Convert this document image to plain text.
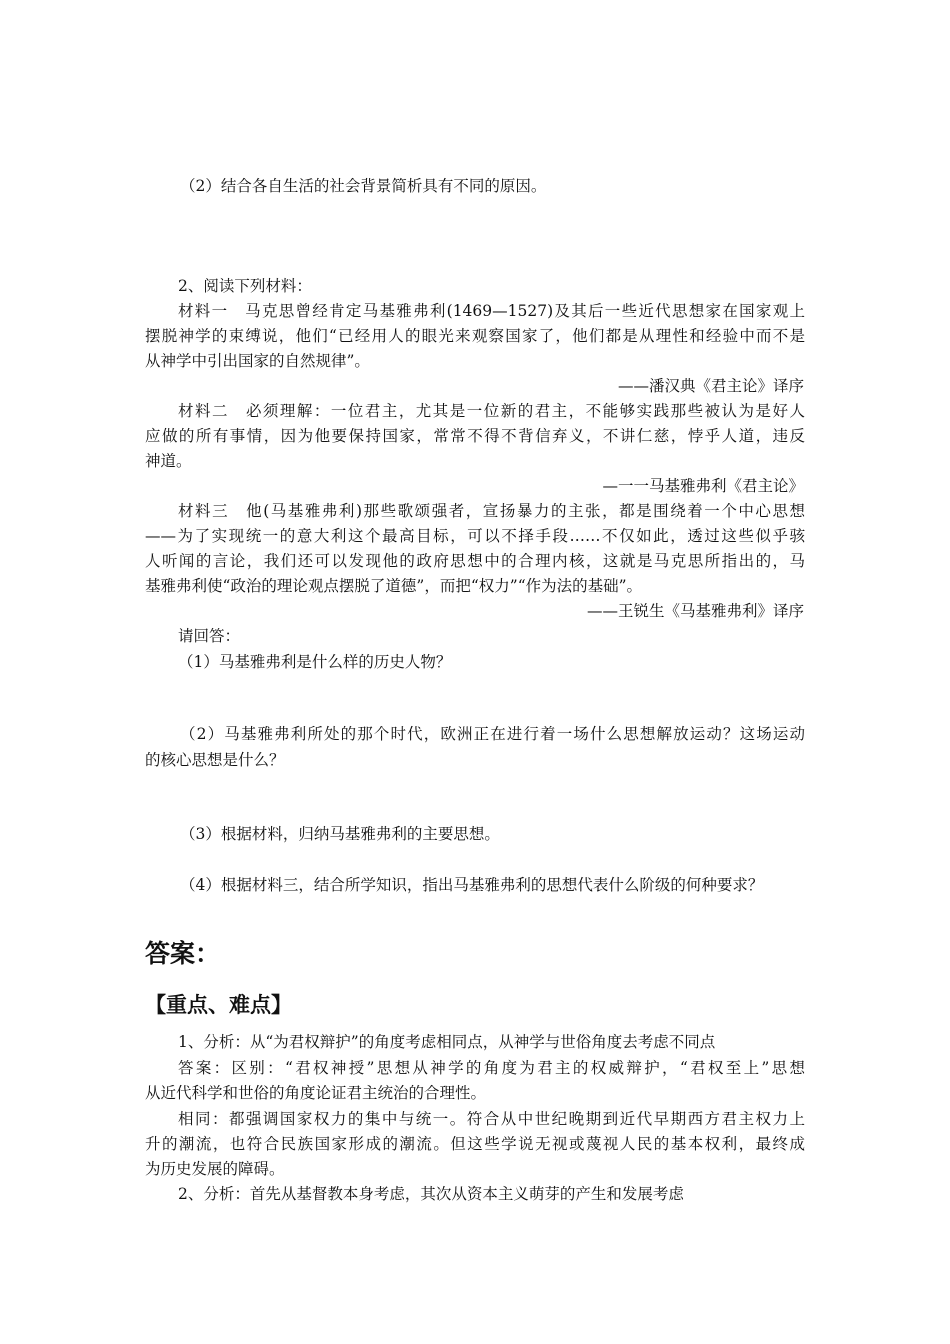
（2）结合各自生活的社会背景简析具有不同的原因。
2、阅读下列材料：
材料一　马克思曾经肯定马基雅弗利(1469—1527)及其后一些近代思想家在国家观上
摆脱神学的束缚说，他们“已经用人的眼光来观察国家了，他们都是从理性和经验中而不是
从神学中引出国家的自然规律”。
——潘汉典《君主论》译序
材料二　必须理解：一位君主，尤其是一位新的君主，不能够实践那些被认为是好人
应做的所有事情，因为他要保持国家，常常不得不背信弃义，不讲仁慈，悖乎人道，违反
神道。
—一一马基雅弗利《君主论》
材料三　他(马基雅弗利)那些歌颂强者，宣扬暴力的主张，都是围绕着一个中心思想
——为了实现统一的意大利这个最高目标，可以不择手段……不仅如此，透过这些似乎骇
人听闻的言论，我们还可以发现他的政府思想中的合理内核，这就是马克思所指出的，马
基雅弗利使“政治的理论观点摆脱了道德”，而把“权力”“作为法的基础”。
——王锐生《马基雅弗利》译序
请回答：
（1）马基雅弗利是什么样的历史人物？
（2）马基雅弗利所处的那个时代，欧洲正在进行着一场什么思想解放运动？这场运动
的核心思想是什么？
（3）根据材料，归纳马基雅弗利的主要思想。
（4）根据材料三，结合所学知识，指出马基雅弗利的思想代表什么阶级的何种要求？
答案：
【重点、难点】
1、分析：从“为君权辩护”的角度考虑相同点，从神学与世俗角度去考虑不同点
答案：区别：“君权神授”思想从神学的角度为君主的权威辩护，“君权至上”思想
从近代科学和世俗的角度论证君主统治的合理性。
相同：都强调国家权力的集中与统一。符合从中世纪晚期到近代早期西方君主权力上
升的潮流，也符合民族国家形成的潮流。但这些学说无视或蔑视人民的基本权利，最终成
为历史发展的障碍。
2、分析：首先从基督教本身考虑，其次从资本主义萌芽的产生和发展考虑
